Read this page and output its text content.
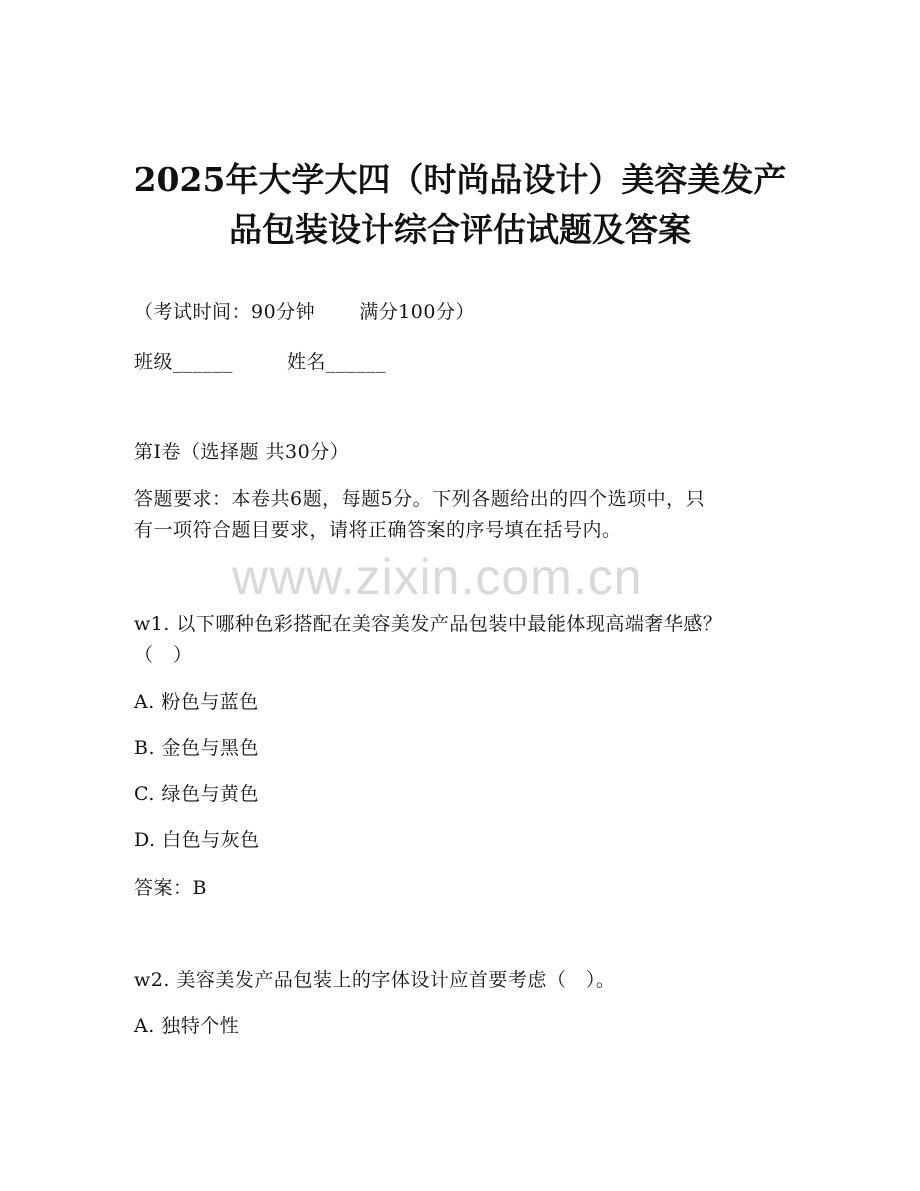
2025年大学大四（时尚品设计）美容美发产
品包装设计综合评估试题及答案
（考试时间：90分钟 满分100分）
班级______	姓名______
第Ⅰ卷（选择题 共30分）
答题要求：本卷共6题，每题5分。下列各题给出的四个选项中，只
有一项符合题目要求，请将正确答案的序号填在括号内。
www.zixin.com.cn
w1. 以下哪种色彩搭配在美容美发产品包装中最能体现高端奢华感？
（　）
A. 粉色与蓝色
B. 金色与黑色
C. 绿色与黄色
D. 白色与灰色
答案：B
w2. 美容美发产品包装上的字体设计应首要考虑（　）。
A. 独特个性
